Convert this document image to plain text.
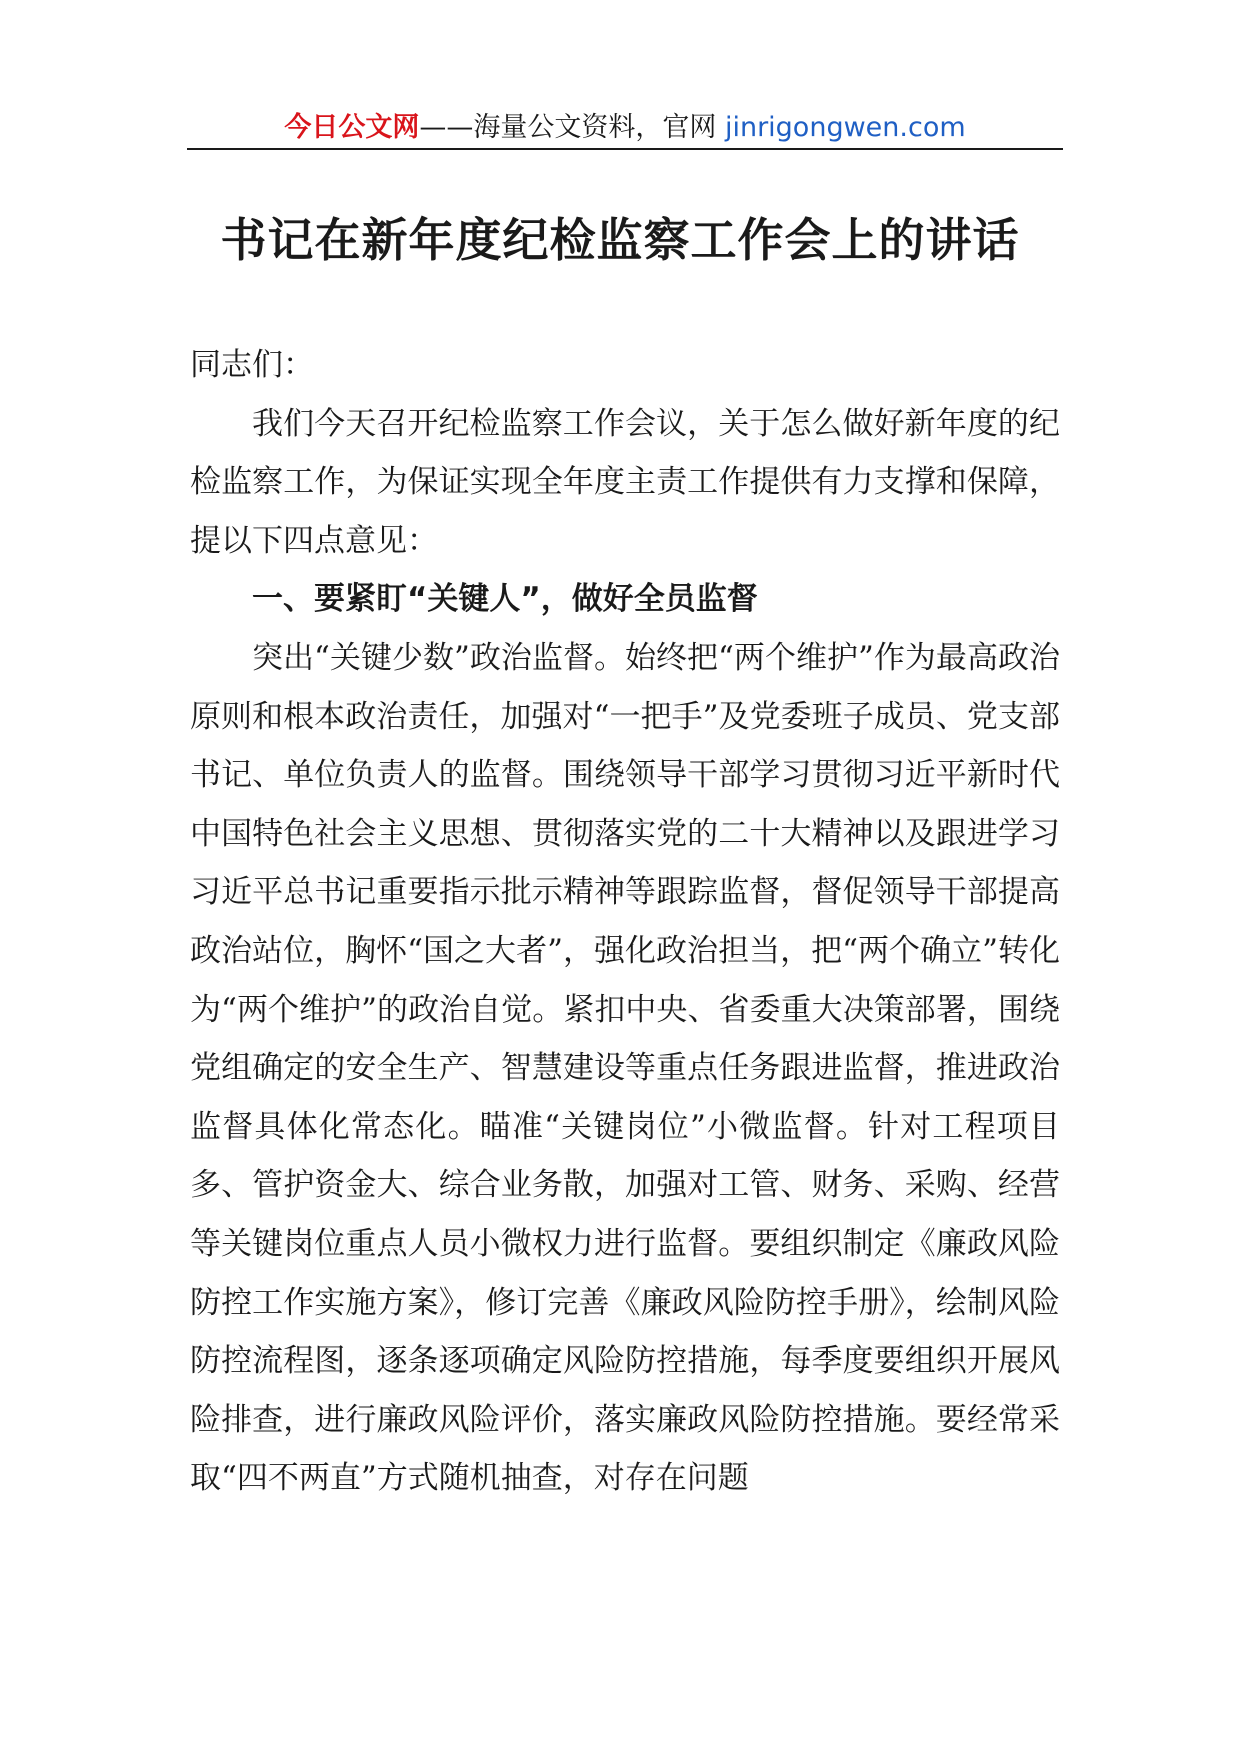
今日公文网——海量公文资料，官网 jinrigongwen.com
书记在新年度纪检监察工作会上的讲话

同志们：

我们今天召开纪检监察工作会议，关于怎么做好新年度的纪检监察工作，为保证实现全年度主责工作提供有力支撑和保障，提以下四点意见：

一、要紧盯“关键人”，做好全员监督

突出“关键少数”政治监督。始终把“两个维护”作为最高政治原则和根本政治责任，加强对“一把手”及党委班子成员、党支部书记、单位负责人的监督。围绕领导干部学习贯彻习近平新时代中国特色社会主义思想、贯彻落实党的二十大精神以及跟进学习习近平总书记重要指示批示精神等跟踪监督，督促领导干部提高政治站位，胸怀“国之大者”，强化政治担当，把“两个确立”转化为“两个维护”的政治自觉。紧扣中央、省委重大决策部署，围绕党组确定的安全生产、智慧建设等重点任务跟进监督，推进政治监督具体化常态化。瞄准“关键岗位”小微监督。针对工程项目多、管护资金大、综合业务散，加强对工管、财务、采购、经营等关键岗位重点人员小微权力进行监督。要组织制定《廉政风险防控工作实施方案》，修订完善《廉政风险防控手册》，绘制风险防控流程图，逐条逐项确定风险防控措施，每季度要组织开展风险排查，进行廉政风险评价，落实廉政风险防控措施。要经常采取“四不两直”方式随机抽查，对存在问题
